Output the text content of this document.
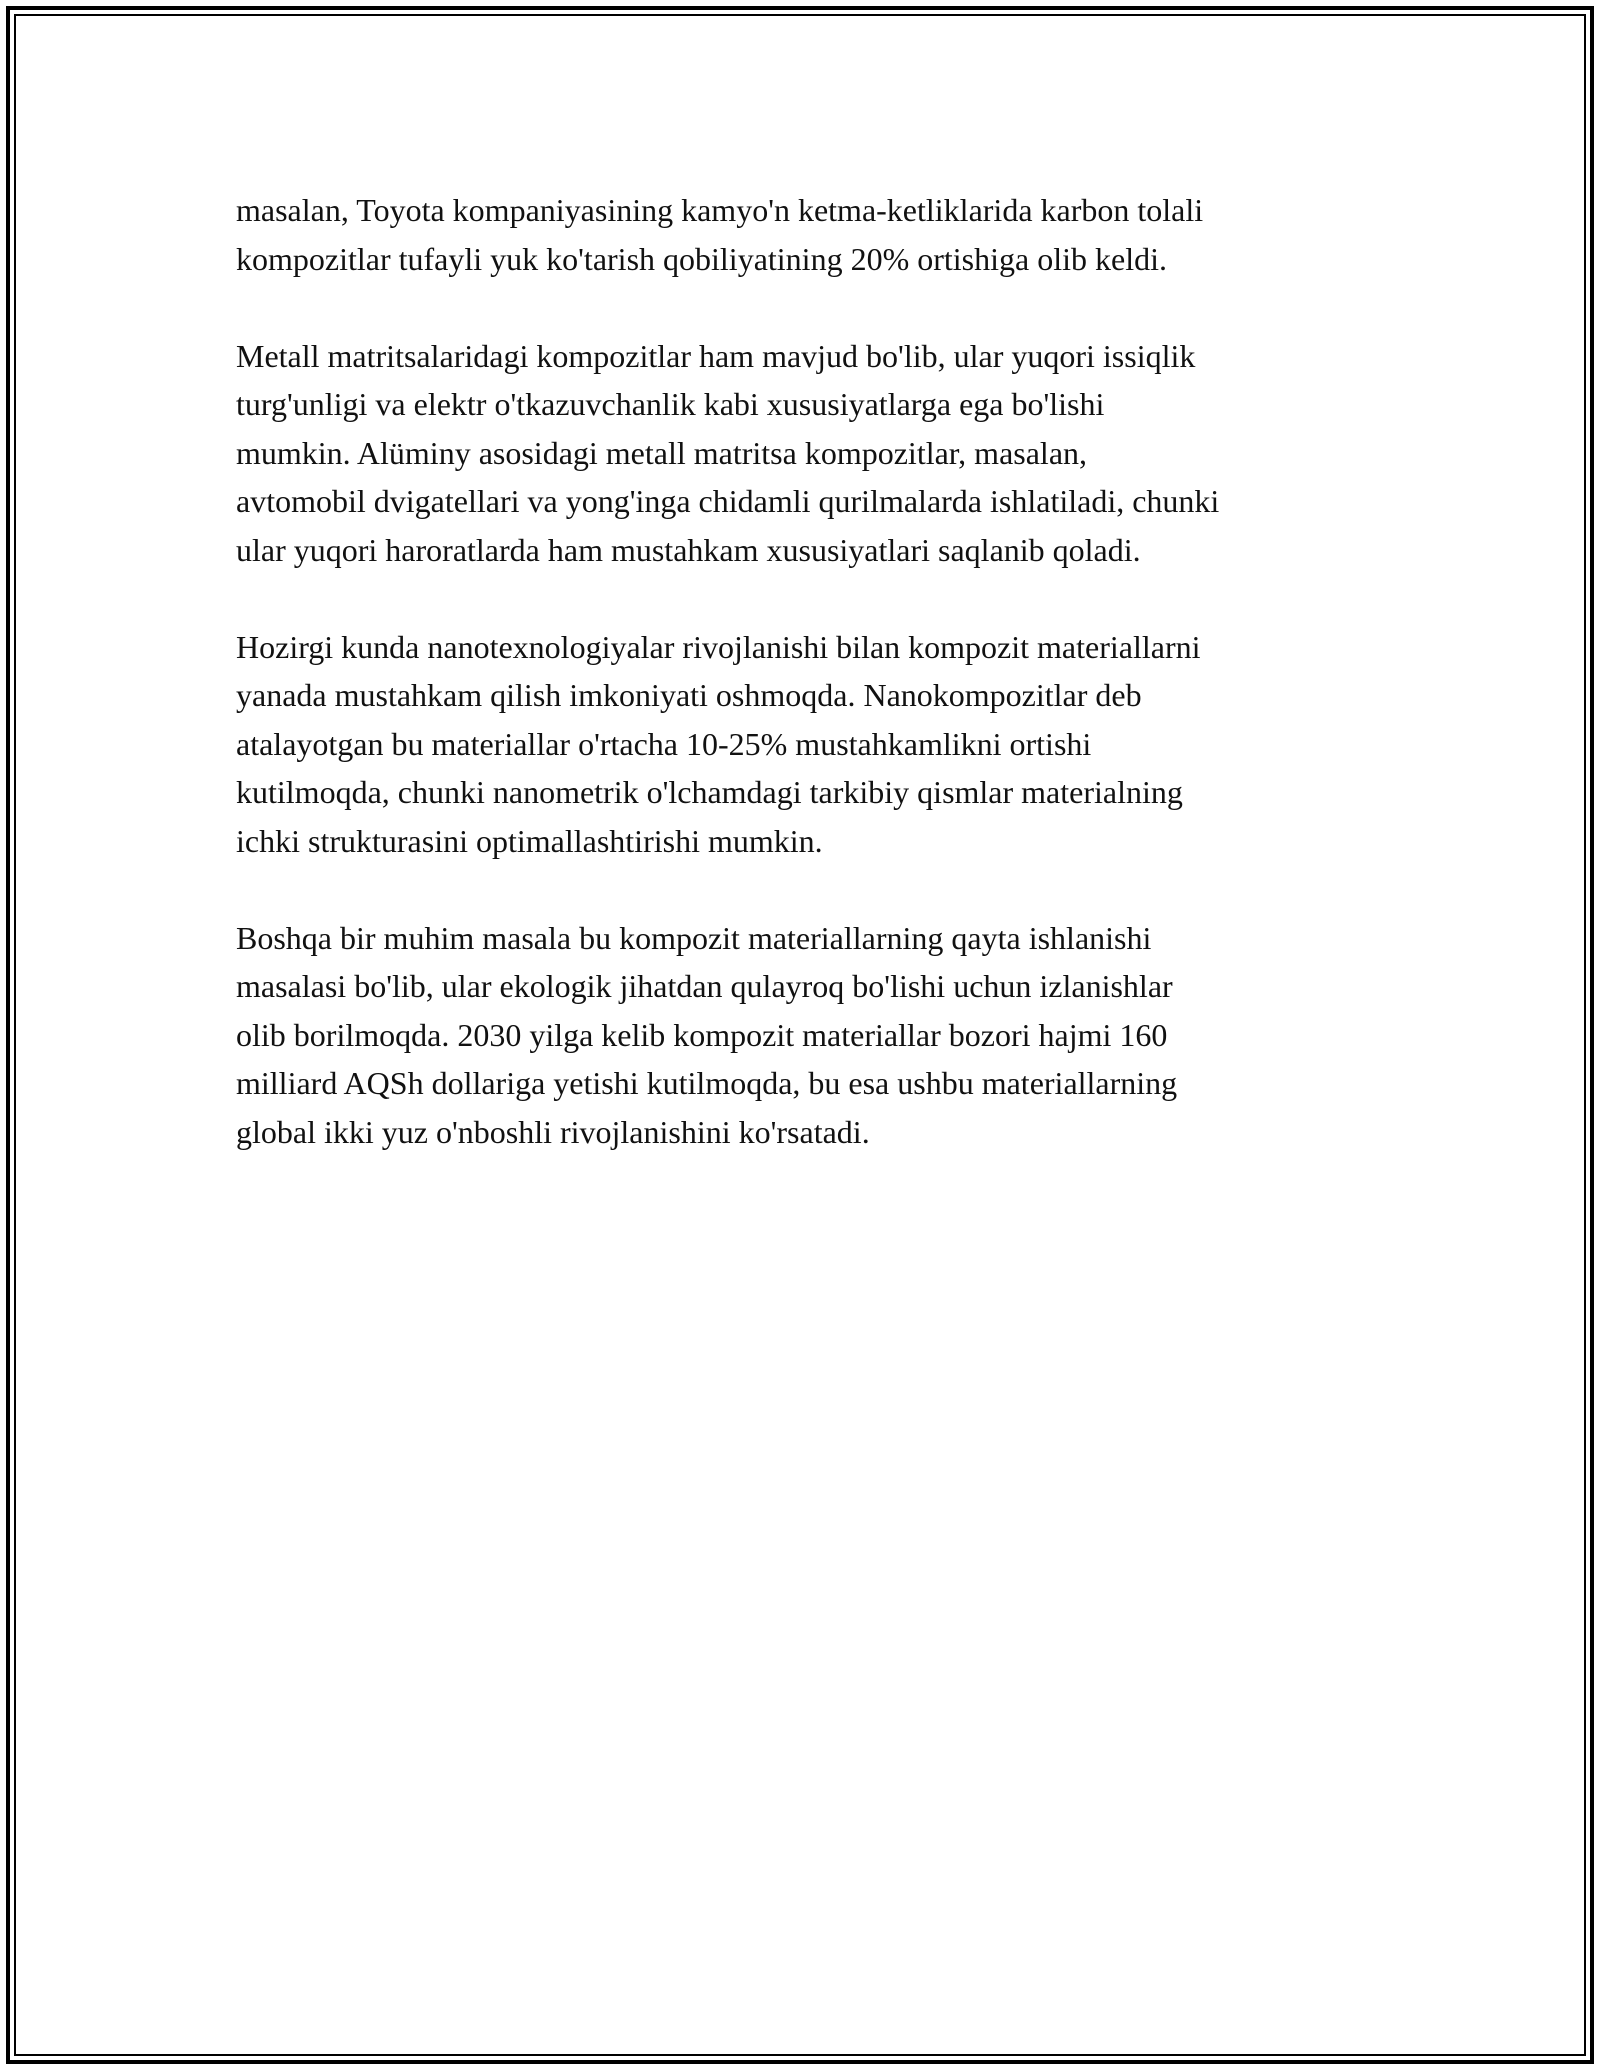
masalan, Toyota kompaniyasining kamyo'n ketma-ketliklarida karbon tolali
kompozitlar tufayli yuk ko'tarish qobiliyatining 20% ortishiga olib keldi.

Metall matritsalaridagi kompozitlar ham mavjud bo'lib, ular yuqori issiqlik
turg'unligi va elektr o'tkazuvchanlik kabi xususiyatlarga ega bo'lishi
mumkin. Alüminy asosidagi metall matritsa kompozitlar, masalan,
avtomobil dvigatellari va yong'inga chidamli qurilmalarda ishlatiladi, chunki
ular yuqori haroratlarda ham mustahkam xususiyatlari saqlanib qoladi.

Hozirgi kunda nanotexnologiyalar rivojlanishi bilan kompozit materiallarni
yanada mustahkam qilish imkoniyati oshmoqda. Nanokompozitlar deb
atalayotgan bu materiallar o'rtacha 10-25% mustahkamlikni ortishi
kutilmoqda, chunki nanometrik o'lchamdagi tarkibiy qismlar materialning
ichki strukturasini optimallashtirishi mumkin.

Boshqa bir muhim masala bu kompozit materiallarning qayta ishlanishi
masalasi bo'lib, ular ekologik jihatdan qulayroq bo'lishi uchun izlanishlar
olib borilmoqda. 2030 yilga kelib kompozit materiallar bozori hajmi 160
milliard AQSh dollariga yetishi kutilmoqda, bu esa ushbu materiallarning
global ikki yuz o'nboshli rivojlanishini ko'rsatadi.
